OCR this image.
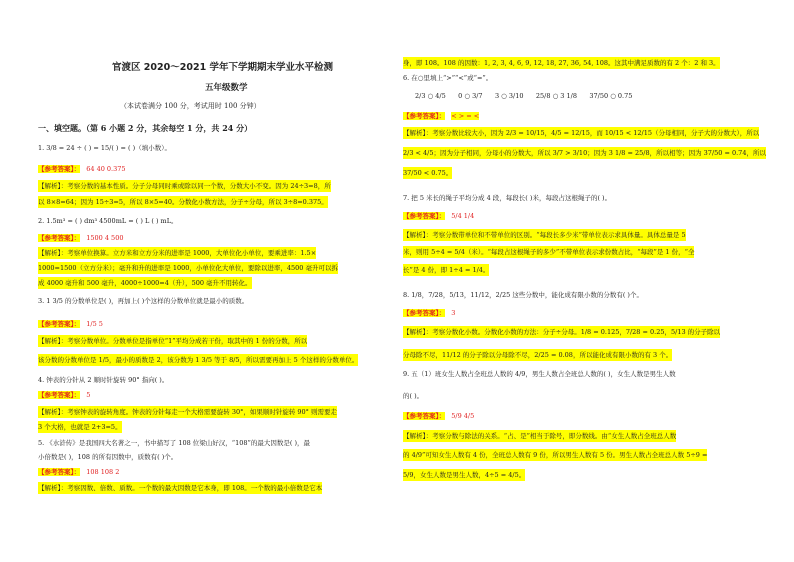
官渡区 2020～2021 学年下学期期末学业水平检测
五年级数学
（本试卷满分 100 分，考试用时 100 分钟）
一、填空题。（第 6 小题 2 分，其余每空 1 分，共 24 分）
1. 3/8 = 24 ÷ ( ) = 15/( ) = ( )（填小数）。
【参考答案】： 64 40 0.375
【解析】：考察分数的基本性质。分子分母同时乘或除以同一个数，分数大小不变。因为 24÷3=8，所
以 8×8=64；因为 15÷3=5，所以 8×5=40。分数化小数方法，分子÷分母，所以 3÷8=0.375。
2. 1.5m³ = ( ) dm³ 4500mL = ( ) L ( ) mL。
【参考答案】： 1500 4 500
【解析】：考察单位换算。立方米和立方分米的进率是 1000，大单位化小单位，要乘进率：1.5×
1000=1500（立方分米）；毫升和升的进率是 1000，小单位化大单位，要除以进率，4500 毫升可以拆
成 4000 毫升和 500 毫升，4000÷1000=4（升），500 毫升不用转化。
3. 1 3/5 的分数单位是( )，再加上( )个这样的分数单位就是最小的质数。
【参考答案】： 1/5 5
【解析】：考察分数单位。分数单位是指单位“1”平均分成若干份，取其中的 1 份的分数，所以
该分数的分数单位是 1/5，最小的质数是 2，该分数为 1 3/5 等于 8/5，所以需要再加上 5 个这样的分数单位。
4. 钟表的分针从 2 顺时针旋转 90° 指向( )。
【参考答案】： 5
【解析】：考察钟表的旋转角度。钟表的分针每走一个大格需要旋转 30°，如果顺时针旋转 90° 则需要走
3 个大格，也就是 2+3=5。
5. 《水浒传》是我国四大名著之一，书中描写了 108 位梁山好汉，“108”的最大因数是( )，最
小倍数是( )，108 的所有因数中，质数有( )个。
【参考答案】： 108 108 2
【解析】：考察因数、倍数、质数。一个数的最大因数是它本身，即 108。一个数的最小倍数是它本
身，即 108。108 的因数：1, 2, 3, 4, 6, 9, 12, 18, 27, 36, 54, 108。这其中满足质数的有 2 个：2 和 3。
6. 在○里填上“>”“<”或“=”。
2/3 ○ 4/5 0 ○ 3/7 3 ○ 3/10 25/8 ○ 3 1/8 37/50 ○ 0.75
【参考答案】： < > = <
【解析】：考察分数比较大小，因为 2/3 = 10/15，4/5 = 12/15，而 10/15 < 12/15（分母相同，分子大的分数大），所以
2/3 < 4/5；因为分子相同，分母小的分数大，所以 3/7 > 3/10；因为 3 1/8 = 25/8，所以相等；因为 37/50 = 0.74，所以
37/50 < 0.75。
7. 把 5 米长的绳子平均分成 4 段，每段长( )米，每段占这根绳子的( )。
【参考答案】： 5/4 1/4
【解析】：考察分数带单位和不带单位的区别。“每段长多少米”带单位表示求具体量。具体总量是 5
米，则用 5÷4 = 5/4（米）。“每段占这根绳子的多少”不带单位表示求份数占比，“每段”是 1 份，“全
长”是 4 份，即 1÷4 = 1/4。
8. 1/8，7/28，5/13，11/12，2/25 这些分数中，能化成有限小数的分数有( )个。
【参考答案】： 3
【解析】：考察分数化小数。分数化小数的方法：分子÷分母。1/8 = 0.125，7/28 = 0.25，5/13 的分子除以
分母除不尽，11/12 的分子除以分母除不尽，2/25 = 0.08，所以能化成有限小数的有 3 个。
9. 五（1）班女生人数占全班总人数的 4/9，男生人数占全班总人数的( )，女生人数是男生人数
的( )。
【参考答案】： 5/9 4/5
【解析】：考察分数与除法的关系。“占、是”相当于除号，即分数线。由“女生人数占全班总人数
的 4/9”可知女生人数有 4 份，全班总人数有 9 份，所以男生人数有 5 份。男生人数占全班总人数 5÷9 =
5/9，女生人数是男生人数，4÷5 = 4/5。
